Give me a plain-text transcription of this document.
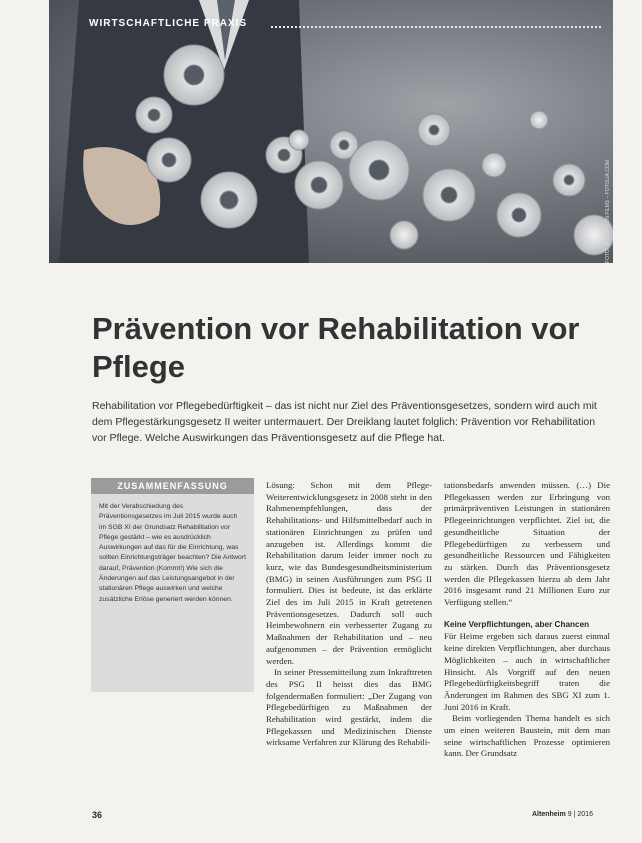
WIRTSCHAFTLICHE PRAXIS
FOTO: MOTORTION FILMS – FOTOLIA.COM
Prävention vor Rehabilitation vor Pflege

Rehabilitation vor Pflegebedürftigkeit – das ist nicht nur Ziel des Präventionsgesetzes, sondern wird auch mit dem Pflegestärkungsgesetz II weiter untermauert. Der Dreiklang lautet folglich: Prävention vor Rehabilitation vor Pflege. Welche Auswirkungen das Präventionsgesetz auf die Pflege hat.

ZUSAMMENFASSUNG
Mit der Verabschiedung des Präventionsgesetzes im Juli 2015 wurde auch im SGB XI der Grundsatz Rehabilitation vor Pflege gestärkt – wie es ausdrücklich Auswirkungen auf das für die Einrichtung, was sollten Einrichtungsträger beachten? Die Antwort darauf, Prävention (Kommt!) Wie sich die Änderungen auf das Leistungsangebot in der stationären Pflege auswirken und welche zusätzliche Erlöse generiert werden können.

Lösung: Schon mit dem Pflege-Weiterentwicklungsgesetz in 2008 steht in den Rahmenempfehlungen, dass der Rehabilitations- und Hilfsmittelbedarf auch in stationären Einrichtungen zu prüfen und anzugeben ist. Allerdings kommt die Rehabilitation darum leider immer noch zu kurz, wie das Bundesgesundheitsministerium (BMG) in seinen Ausführungen zum PSG II formuliert. Dies ist bedeute, ist das erklärte Ziel des im Juli 2015 in Kraft getretenen Präventionsgesetzes. Dadurch soll auch Heimbewohnern ein verbesserter Zugang zu Maßnahmen der Rehabilitation und – neu aufgenommen – der Prävention ermöglicht werden.

In seiner Pressemitteilung zum Inkrafttreten des PSG II heisst dies das BMG folgendermaßen formuliert: „Der Zugang von Pflegebedürftigen zu Maßnahmen der Rehabilitation wird gestärkt, indem die Pflegekassen und Medizinischen Dienste wirksame Verfahren zur Klärung des Rehabili-

tationsbedarfs anwenden müssen. (…) Die Pflegekassen werden zur Erbringung von primärpräventiven Leistungen in stationären Pflegeeinrichtungen verpflichtet. Ziel ist, die gesundheitliche Situation der Pflegebedürftigen zu verbessern und gesundheitliche Ressourcen und Fähigkeiten zu stärken. Durch das Präventionsgesetz werden die Pflegekassen hierzu ab dem Jahr 2016 insgesamt rund 21 Millionen Euro zur Verfügung stellen.“

Keine Verpflichtungen, aber Chancen

Für Heime ergeben sich daraus zuerst einmal keine direkten Verpflichtungen, aber durchaus Möglichkeiten – auch in wirtschaftlicher Hinsicht. Als Vorgriff auf den neuen Pflegebedürftigkeitsbegriff traten die Änderungen im Rahmen des SBG XI zum 1. Juni 2016 in Kraft.

Beim vorliegenden Thema handelt es sich um einen weiteren Baustein, mit dem man seine wirtschaftlichen Prozesse optimieren kann. Der Grundsatz

36	Altenheim 9 | 2016
